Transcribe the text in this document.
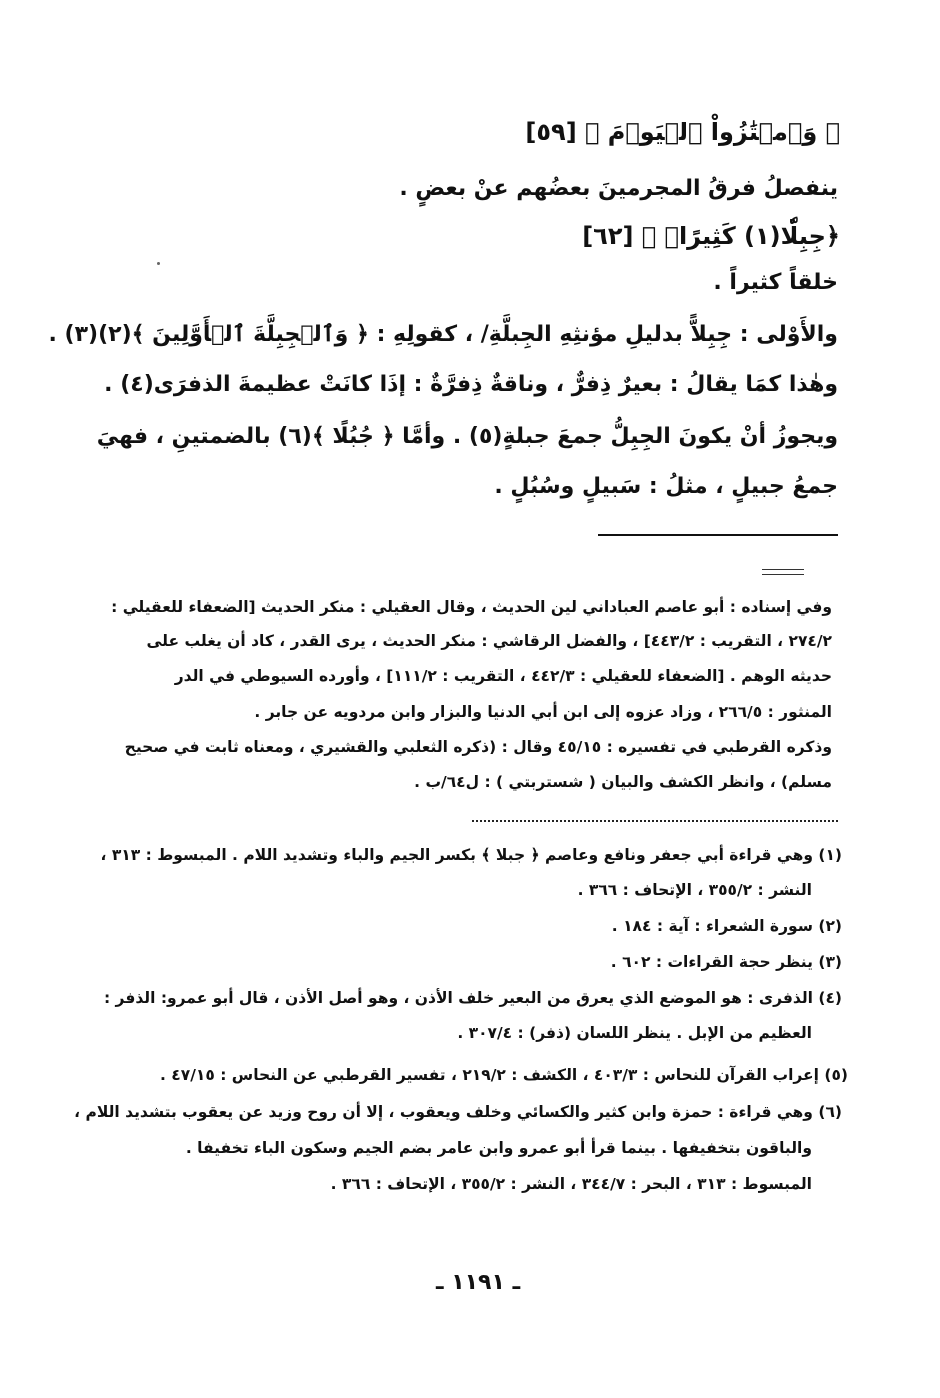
﴿ وَٱمۡتَٰزُواْ ٱلۡيَوۡمَ ﴾ [٥٩]
ينفصلُ فرقُ المجرمينَ بعضُهم عنْ بعضٍ .
﴿جِبِلّٗا(١) كَثِيرًاۖ ﴾ [٦٢]
خلقاً كثيراً .
والأَوْلى : جِبِلاًّ بدليلِ مؤنثِهِ الجِبلَّةِ/ ، كقولِهِ : ﴿ وَٱلۡجِبِلَّةَ ٱلۡأَوَّلِينَ ﴾(٢)(٣) .
وهٰذا كمَا يقالُ : بعيرٌ ذِفرٌّ ، وناقةٌ ذِفرَّةٌ : إذَا كانَتْ عظيمةَ الذفرَى(٤) .
ويجوزُ أنْ يكونَ الجِبِلُّ جمعَ جبلةٍ(٥) . وأمَّا ﴿ جُبُلًا ﴾(٦) بالضمتينِ ، فهيَ
جمعُ جبيلٍ ، مثلُ : سَبيلٍ وسُبُلٍ .
وفي إسناده : أبو عاصم العباداني لين الحديث ، وقال العقيلي : منكر الحديث [الضعفاء للعقيلي :
٢٧٤/٢ ، التقريب : ٤٤٣/٢] ، والفضل الرقاشي : منكر الحديث ، يرى القدر ، كاد أن يغلب على
حديثه الوهم . [الضعفاء للعقيلي : ٤٤٢/٣ ، التقريب : ١١١/٢] ، وأورده السيوطي في الدر
المنثور : ٢٦٦/٥ ، وزاد عزوه إلى ابن أبي الدنيا والبزار وابن مردويه عن جابر .
وذكره القرطبي في تفسيره : ٤٥/١٥ وقال : (ذكره الثعلبي والقشيري ، ومعناه ثابت في صحيح
مسلم) ، وانظر الكشف والبيان ( شستربتي ) : ل٦٤/ب .
(١) وهي قراءة أبي جعفر ونافع وعاصم ﴿ جبلا ﴾ بكسر الجيم والباء وتشديد اللام . المبسوط : ٣١٣ ،
النشر : ٣٥٥/٢ ، الإتحاف : ٣٦٦ .
(٢) سورة الشعراء : آية : ١٨٤ .
(٣) ينظر حجة القراءات : ٦٠٢ .
(٤) الذفرى : هو الموضع الذي يعرق من البعير خلف الأذن ، وهو أصل الأذن ، قال أبو عمرو: الذفر :
العظيم من الإبل . ينظر اللسان (ذفر) : ٣٠٧/٤ .
(٥) إعراب القرآن للنحاس : ٤٠٣/٣ ، الكشف : ٢١٩/٢ ، تفسير القرطبي عن النحاس : ٤٧/١٥ .
(٦) وهي قراءة : حمزة وابن كثير والكسائي وخلف ويعقوب ، إلا أن روح وزيد عن يعقوب بتشديد اللام ،
والباقون بتخفيفها . بينما قرأ أبو عمرو وابن عامر بضم الجيم وسكون الباء تخفيفا .
المبسوط : ٣١٣ ، البحر : ٣٤٤/٧ ، النشر : ٣٥٥/٢ ، الإتحاف : ٣٦٦ .
ـ ١١٩١ ـ
